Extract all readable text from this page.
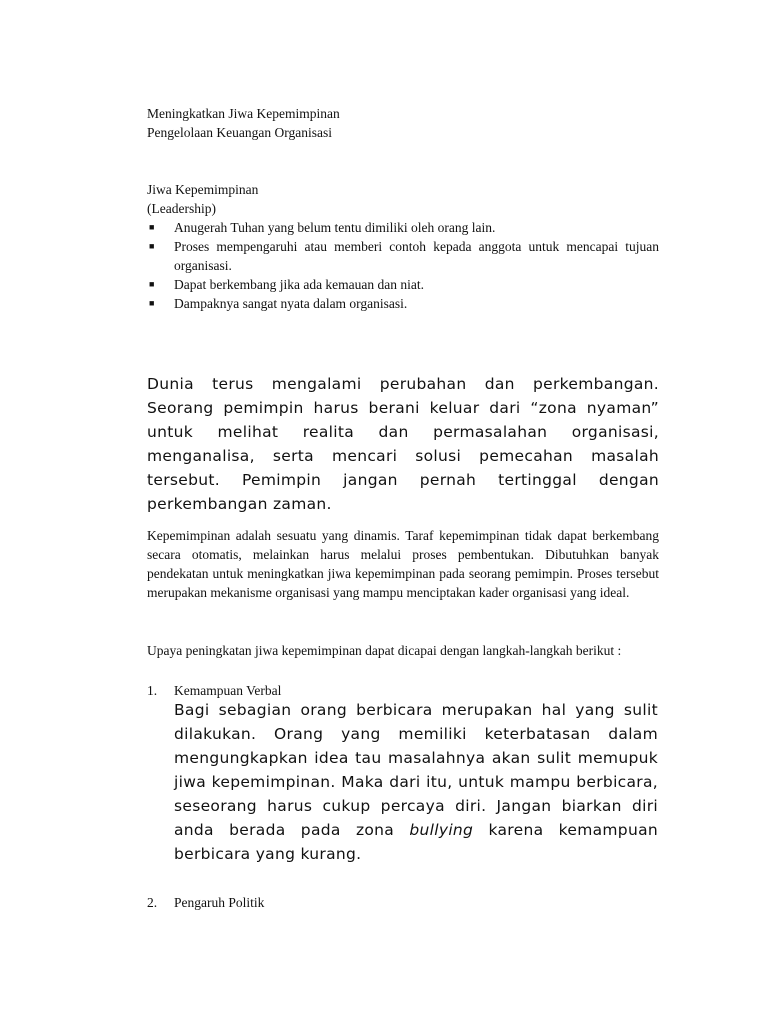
Meningkatkan Jiwa Kepemimpinan
Pengelolaan Keuangan Organisasi
Jiwa Kepemimpinan
(Leadership)
■ Anugerah Tuhan yang belum tentu dimiliki oleh orang lain.
■ Proses mempengaruhi atau memberi contoh kepada anggota untuk mencapai tujuan organisasi.
■ Dapat berkembang jika ada kemauan dan niat.
■ Dampaknya sangat nyata dalam organisasi.

Dunia terus mengalami perubahan dan perkembangan. Seorang pemimpin harus berani keluar dari “zona nyaman” untuk melihat realita dan permasalahan organisasi, menganalisa, serta mencari solusi pemecahan masalah tersebut. Pemimpin jangan pernah tertinggal dengan perkembangan zaman.

Kepemimpinan adalah sesuatu yang dinamis. Taraf kepemimpinan tidak dapat berkembang secara otomatis, melainkan harus melalui proses pembentukan. Dibutuhkan banyak pendekatan untuk meningkatkan jiwa kepemimpinan pada seorang pemimpin. Proses tersebut merupakan mekanisme organisasi yang mampu menciptakan kader organisasi yang ideal.

Upaya peningkatan jiwa kepemimpinan dapat dicapai dengan langkah-langkah berikut :

1. Kemampuan Verbal

Bagi sebagian orang berbicara merupakan hal yang sulit dilakukan. Orang yang memiliki keterbatasan dalam mengungkapkan idea tau masalahnya akan sulit memupuk jiwa kepemimpinan. Maka dari itu, untuk mampu berbicara, seseorang harus cukup percaya diri. Jangan biarkan diri anda berada pada zona bullying karena kemampuan berbicara yang kurang.

2. Pengaruh Politik
